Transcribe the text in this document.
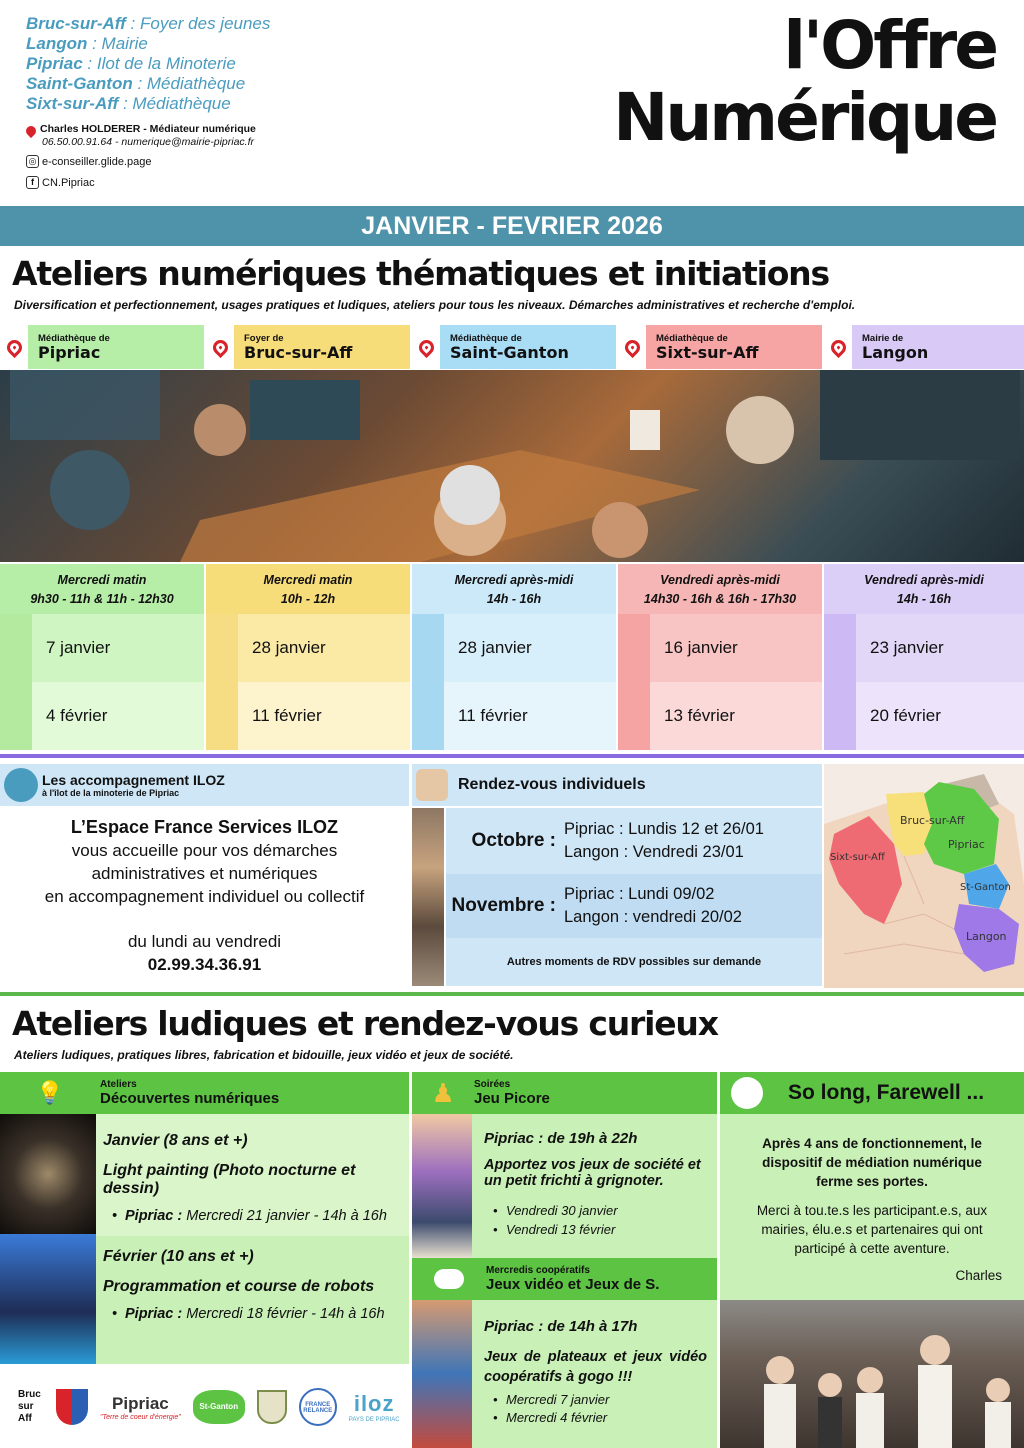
Bruc-sur-Aff : Foyer des jeunes
Langon : Mairie
Pipriac : Ilot de la Minoterie
Saint-Ganton : Médiathèque
Sixt-sur-Aff : Médiathèque
Charles HOLDERER - Médiateur numérique
06.50.00.91.64 - numerique@mairie-pipriac.fr
◎ e-conseiller.glide.page
f CN.Pipriac
l'Offre
Numérique
JANVIER - FEVRIER 2026
Ateliers numériques thématiques et initiations
Diversification et perfectionnement, usages pratiques et ludiques, ateliers pour tous les niveaux. Démarches administratives et recherche d'emploi.
Médiathèque de
Pipriac
Foyer de
Bruc-sur-Aff
Médiathèque de
Saint-Ganton
Médiathèque de
Sixt-sur-Aff
Mairie de
Langon
Mercredi matin
9h30 - 11h & 11h - 12h30
7 janvier
4 février
Mercredi matin
10h - 12h
28 janvier
11 février
Mercredi après-midi
14h - 16h
28 janvier
11 février
Vendredi après-midi
14h30 - 16h & 16h - 17h30
16 janvier
13 février
Vendredi après-midi
14h - 16h
23 janvier
20 février
Les accompagnement ILOZ
à l'îlot de la minoterie de Pipriac
L’Espace France Services ILOZ
vous accueille pour vos démarches
administratives et numériques
en accompagnement individuel ou collectif
du lundi au vendredi
02.99.34.36.91
Rendez-vous individuels
Octobre :
Pipriac : Lundis 12 et 26/01
Langon : Vendredi 23/01
Novembre :
Pipriac : Lundi 09/02
Langon : vendredi 20/02
Autres moments de RDV possibles sur demande
Bruc-sur-Aff
Pipriac
Sixt-sur-Aff
St-Ganton
Langon
Ateliers ludiques et rendez-vous curieux
Ateliers ludiques, pratiques libres, fabrication et bidouille, jeux vidéo et jeux de société.
💡	Ateliers
Découvertes numériques
Janvier (8 ans et +)
Light painting (Photo nocturne et dessin)
• Pipriac : Mercredi 21 janvier - 14h à 16h
Février (10 ans et +)
Programmation et course de robots
• Pipriac : Mercredi 18 février - 14h à 16h
Bruc sur Aff
Pipriac
"Terre de coeur d'énergie"
St-Ganton	FRANCE RELANCE iloz
PAYS DE PIPRIAC
♟ Soirées
Jeu Picore
Pipriac : de 19h à 22h
Apportez vos jeux de société et un petit frichti à grignoter.
• Vendredi 30 janvier
• Vendredi 13 février
Mercredis coopératifs
Jeux vidéo et Jeux de S.
Pipriac : de 14h à 17h
Jeux de plateaux et jeux vidéo coopératifs à gogo !!!
• Mercredi 7 janvier
• Mercredi 4 février
So long, Farewell ...
Après 4 ans de fonctionnement, le dispositif de médiation numérique ferme ses portes.
Merci à tou.te.s les participant.e.s, aux mairies, élu.e.s et partenaires qui ont participé à cette aventure.
Charles
